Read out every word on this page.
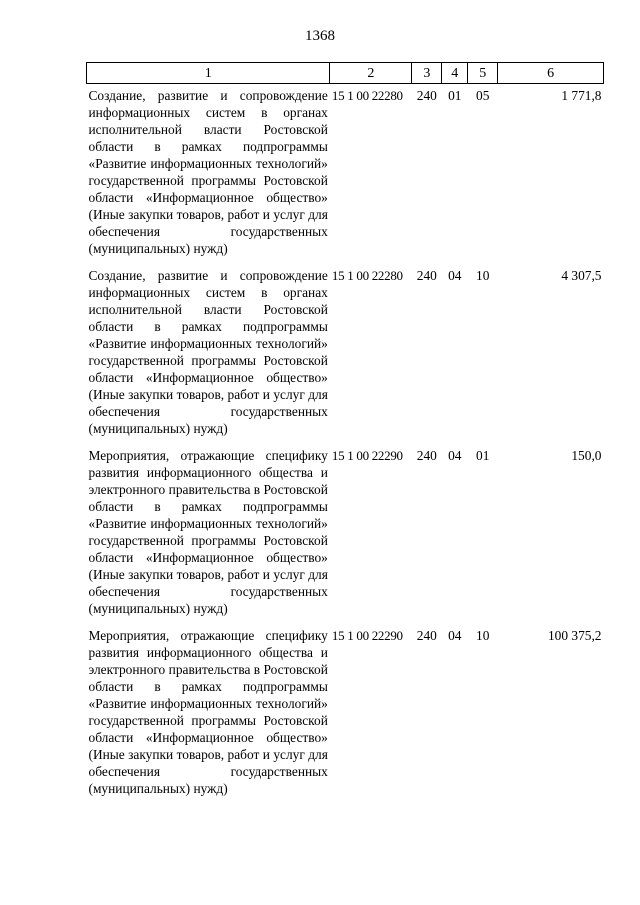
1368
1	2	3	4	5	6
Создание, развитие и сопровождение информационных систем в органах исполнительной власти Ростовской области в рамках подпрограммы «Развитие информационных технологий» государственной программы Ростовской области «Информационное общество» (Иные закупки товаров, работ и услуг для обеспечения государственных (муниципальных) нужд)	15 1 00 22280	240	01	05	1 771,8
Создание, развитие и сопровождение информационных систем в органах исполнительной власти Ростовской области в рамках подпрограммы «Развитие информационных технологий» государственной программы Ростовской области «Информационное общество» (Иные закупки товаров, работ и услуг для обеспечения государственных (муниципальных) нужд)	15 1 00 22280	240	04	10	4 307,5
Мероприятия, отражающие специфику развития информационного общества и электронного правительства в Ростовской области в рамках подпрограммы «Развитие информационных технологий» государственной программы Ростовской области «Информационное общество» (Иные закупки товаров, работ и услуг для обеспечения государственных (муниципальных) нужд)	15 1 00 22290	240	04	01	150,0
Мероприятия, отражающие специфику развития информационного общества и электронного правительства в Ростовской области в рамках подпрограммы «Развитие информационных технологий» государственной программы Ростовской области «Информационное общество» (Иные закупки товаров, работ и услуг для обеспечения государственных (муниципальных) нужд)	15 1 00 22290	240	04	10	100 375,2
